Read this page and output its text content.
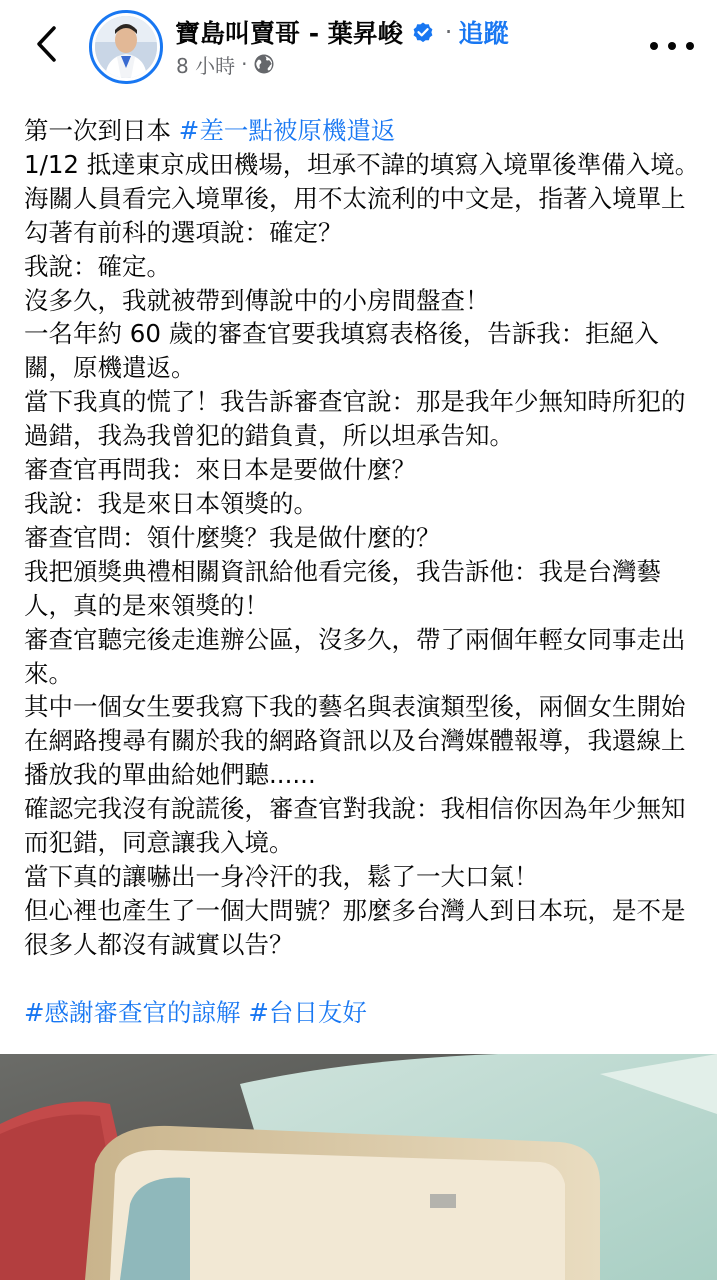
寶島叫賣哥 - 葉昇峻 · 追蹤
8 小時 ·

第一次到日本 #差一點被原機遣返

1/12 抵達東京成田機場，坦承不諱的填寫入境單後準備入境。

海關人員看完入境單後，用不太流利的中文是，指著入境單上勾著有前科的選項說：確定？

我說：確定。

沒多久，我就被帶到傳說中的小房間盤查！

一名年約 60 歲的審查官要我填寫表格後，告訴我：拒絕入關，原機遣返。

當下我真的慌了！我告訴審查官說：那是我年少無知時所犯的過錯，我為我曾犯的錯負責，所以坦承告知。

審查官再問我：來日本是要做什麼？

我說：我是來日本領獎的。

審查官問：領什麼獎？我是做什麼的？

我把頒獎典禮相關資訊給他看完後，我告訴他：我是台灣藝人，真的是來領獎的！

審查官聽完後走進辦公區，沒多久，帶了兩個年輕女同事走出來。

其中一個女生要我寫下我的藝名與表演類型後，兩個女生開始在網路搜尋有關於我的網路資訊以及台灣媒體報導，我還線上播放我的單曲給她們聽......

確認完我沒有說謊後，審查官對我說：我相信你因為年少無知而犯錯，同意讓我入境。

當下真的讓嚇出一身冷汗的我，鬆了一大口氣！

但心裡也產生了一個大問號？那麼多台灣人到日本玩，是不是很多人都沒有誠實以告？

#感謝審查官的諒解 #台日友好
